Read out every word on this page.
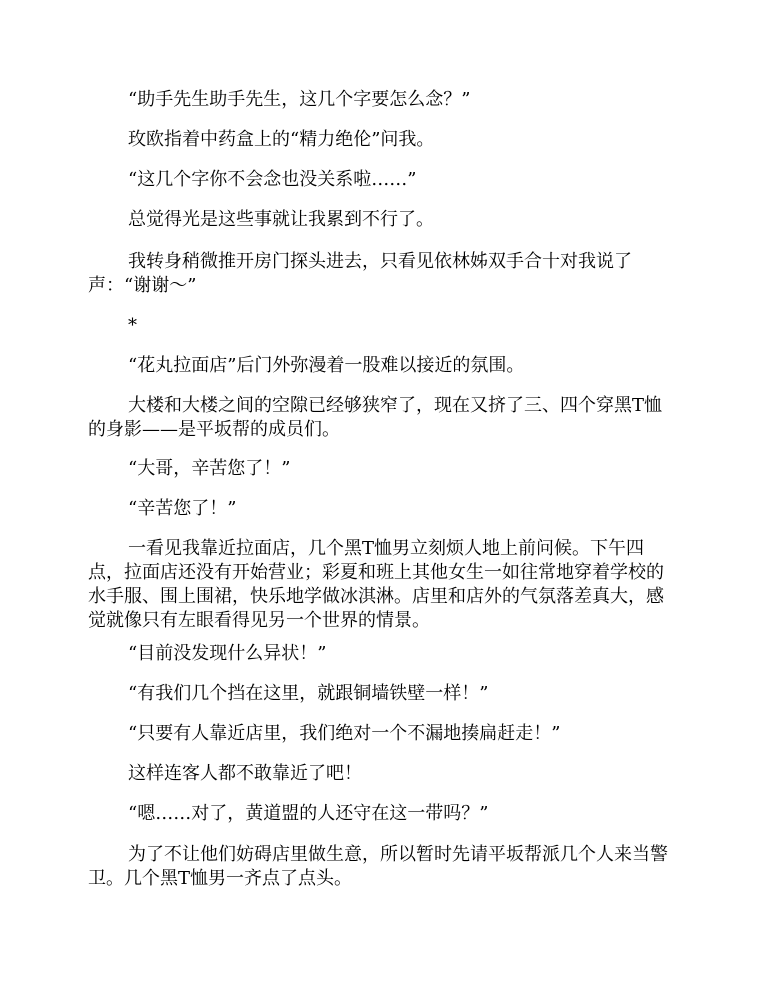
“助手先生助手先生，这几个字要怎么念？”

玫欧指着中药盒上的“精力绝伦”问我。

“这几个字你不会念也没关系啦……”

总觉得光是这些事就让我累到不行了。

我转身稍微推开房门探头进去，只看见依林姊双手合十对我说了声：“谢谢～”

*

“花丸拉面店”后门外弥漫着一股难以接近的氛围。

大楼和大楼之间的空隙已经够狭窄了，现在又挤了三、四个穿黑T恤的身影——是平坂帮的成员们。

“大哥，辛苦您了！”

“辛苦您了！”

一看见我靠近拉面店，几个黑T恤男立刻烦人地上前问候。下午四点，拉面店还没有开始营业；彩夏和班上其他女生一如往常地穿着学校的水手服、围上围裙，快乐地学做冰淇淋。店里和店外的气氛落差真大，感觉就像只有左眼看得见另一个世界的情景。

“目前没发现什么异状！”

“有我们几个挡在这里，就跟铜墙铁壁一样！”

“只要有人靠近店里，我们绝对一个不漏地揍扁赶走！”

这样连客人都不敢靠近了吧！

“嗯……对了，黄道盟的人还守在这一带吗？”

为了不让他们妨碍店里做生意，所以暂时先请平坂帮派几个人来当警卫。几个黑T恤男一齐点了点头。
